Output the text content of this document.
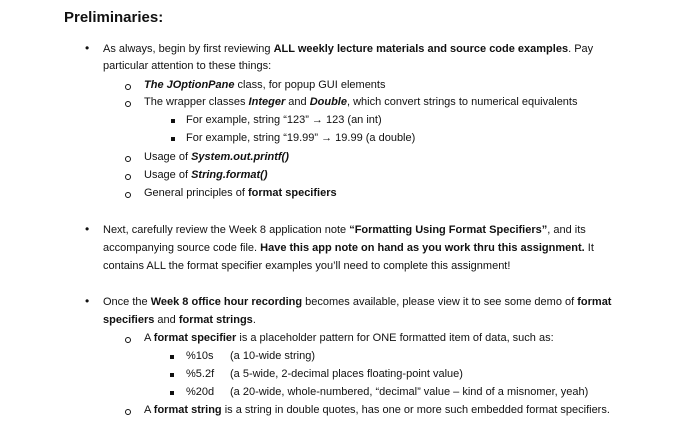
Preliminaries:
• As always, begin by first reviewing ALL weekly lecture materials and source code examples. Pay
particular attention to these things:
The JOptionPane class, for popup GUI elements
The wrapper classes Integer and Double, which convert strings to numerical equivalents
For example, string “123” → 123 (an int)
For example, string “19.99” → 19.99 (a double)
Usage of System.out.printf()
Usage of String.format()
General principles of format specifiers
• Next, carefully review the Week 8 application note “Formatting Using Format Specifiers”, and its
accompanying source code file. Have this app note on hand as you work thru this assignment. It
contains ALL the format specifier examples you’ll need to complete this assignment!
• Once the Week 8 office hour recording becomes available, please view it to see some demo of format
specifiers and format strings.
A format specifier is a placeholder pattern for ONE formatted item of data, such as:
%10s (a 10-wide string)
%5.2f (a 5-wide, 2-decimal places floating-point value)
%20d (a 20-wide, whole-numbered, “decimal” value – kind of a misnomer, yeah)
A format string is a string in double quotes, has one or more such embedded format specifiers.
